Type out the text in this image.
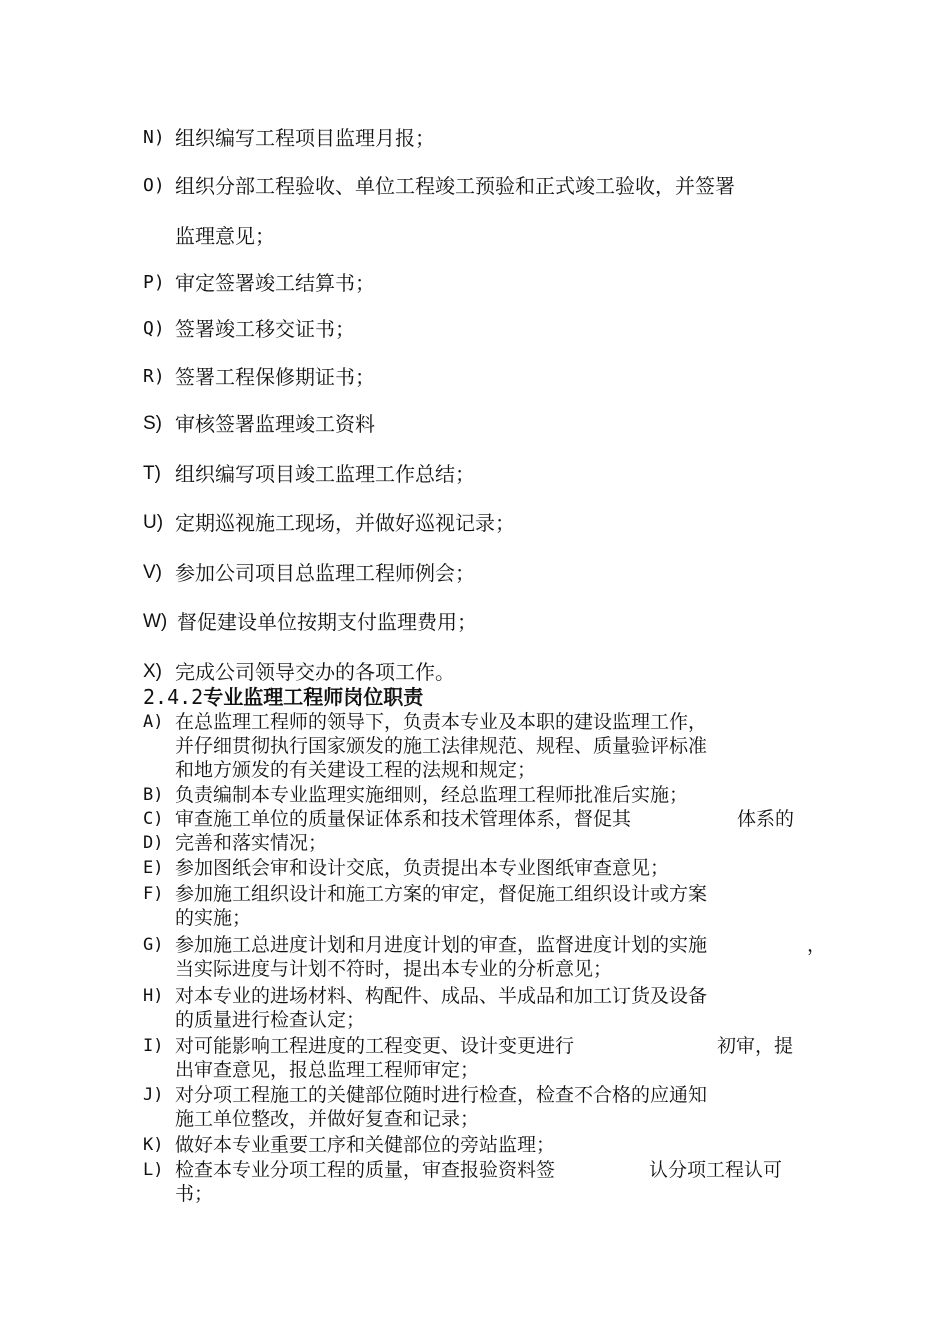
N) 组织编写工程项目监理月报；
O) 组织分部工程验收、单位工程竣工预验和正式竣工验收，并签署
监理意见；
P) 审定签署竣工结算书；
Q) 签署竣工移交证书；
R) 签署工程保修期证书；
S) 审核签署监理竣工资料
T) 组织编写项目竣工监理工作总结；
U) 定期巡视施工现场，并做好巡视记录；
V) 参加公司项目总监理工程师例会；
W) 督促建设单位按期支付监理费用；
X) 完成公司领导交办的各项工作。
2.4.2专业监理工程师岗位职责
A) 在总监理工程师的领导下，负责本专业及本职的建设监理工作，
并仔细贯彻执行国家颁发的施工法律规范、规程、质量验评标准
和地方颁发的有关建设工程的法规和规定；
B) 负责编制本专业监理实施细则，经总监理工程师批准后实施；
C) 审查施工单位的质量保证体系和技术管理体系，督促其	体系的
D) 完善和落实情况；
E) 参加图纸会审和设计交底，负责提出本专业图纸审查意见；
F) 参加施工组织设计和施工方案的审定，督促施工组织设计或方案
的实施；
G) 参加施工总进度计划和月进度计划的审查，监督进度计划的实施	，
当实际进度与计划不符时，提出本专业的分析意见；
H) 对本专业的进场材料、构配件、成品、半成品和加工订货及设备
的质量进行检查认定；
I) 对可能影响工程进度的工程变更、设计变更进行	初审，提
出审查意见，报总监理工程师审定；
J) 对分项工程施工的关健部位随时进行检查，检查不合格的应通知
施工单位整改，并做好复查和记录；
K) 做好本专业重要工序和关健部位的旁站监理；
L) 检查本专业分项工程的质量，审查报验资料签	认分项工程认可
书；
